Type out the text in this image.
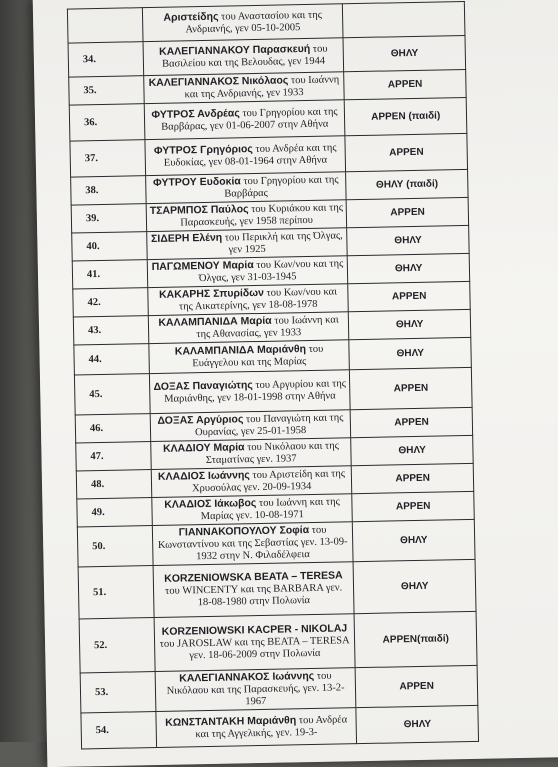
	Αριστείδης του Αναστασίου και της Ανδριανής, γεν 05-10-2005	
34.	ΚΑΛΕΓΙΑΝΝΑΚΟΥ Παρασκευή του Βασιλείου και της Βελουδας, γεν 1944	ΘΗΛΥ
35.	ΚΑΛΕΓΙΑΝΝΑΚΟΣ Νικόλαος του Ιωάννη και της Ανδριανής, γεν 1933	ΑΡΡΕΝ
36.	ΦΥΤΡΟΣ Ανδρέας του Γρηγορίου και της Βαρβάρας, γεν 01-06-2007 στην Αθήνα	ΑΡΡΕΝ (παιδί)
37.	ΦΥΤΡΟΣ Γρηγόριος του Ανδρέα και της Ευδοκίας, γεν 08-01-1964 στην Αθήνα	ΑΡΡΕΝ
38.	ΦΥΤΡΟΥ Ευδοκία του Γρηγορίου και της Βαρβάρας	ΘΗΛΥ (παιδί)
39.	ΤΣΑΡΜΠΟΣ Παύλος του Κυριάκου και της Παρασκευής, γεν 1958 περίπου	ΑΡΡΕΝ
40.	ΣΙΔΕΡΗ Ελένη του Περικλή και της Όλγας, γεν 1925	ΘΗΛΥ
41.	ΠΑΓΩΜΕΝΟΥ Μαρία του Κων/νου και της Όλγας, γεν 31-03-1945	ΘΗΛΥ
42.	ΚΑΚΑΡΗΣ Σπυρίδων του Κων/νου και της Αικατερίνης, γεν 18-08-1978	ΑΡΡΕΝ
43.	ΚΑΛΑΜΠΑΝΙΔΑ Μαρία του Ιωάννη και της Αθανασίας, γεν 1933	ΘΗΛΥ
44.	ΚΑΛΑΜΠΑΝΙΔΑ Μαριάνθη του Ευάγγελου και της Μαρίας	ΘΗΛΥ
45.	ΔΟΞΑΣ Παναγιώτης του Αργυρίου και της Μαριάνθης, γεν 18-01-1998 στην Αθήνα	ΑΡΡΕΝ
46.	ΔΟΞΑΣ Αργύριος του Παναγιώτη και της Ουρανίας, γεν 25-01-1958	ΑΡΡΕΝ
47.	ΚΛΑΔΙΟΥ Μαρία του Νικόλαου και της Σταματίνας γεν. 1937	ΘΗΛΥ
48.	ΚΛΑΔΙΟΣ Ιωάννης του Αριστείδη και της Χρυσούλας γεν. 20-09-1934	ΑΡΡΕΝ
49.	ΚΛΑΔΙΟΣ Ιάκωβος του Ιωάννη και της Μαρίας γεν. 10-08-1971	ΑΡΡΕΝ
50.	ΓΙΑΝΝΑΚΟΠΟΥΛΟΥ Σοφία του Κωνσταντίνου και της Σεβαστίας γεν. 13-09-1932 στην Ν. Φιλαδέλφεια	ΘΗΛΥ
51.	KORZENIOWSKA BEATA – TERESA του WINCENTY και της BARBARA γεν. 18-08-1980 στην Πολωνία	ΘΗΛΥ
52.	KORZENIOWSKI KACPER - NIKOLAJ του JAROSLAW και της BEATA – TERESA γεν. 18-06-2009 στην Πολωνία	ΑΡΡΕΝ(παιδί)
53.	ΚΑΛΕΓΙΑΝΝΑΚΟΣ Ιωάννης του Νικόλαου και της Παρασκευής, γεν. 13-2-1967	ΑΡΡΕΝ
54.	ΚΩΝΣΤΑΝΤΑΚΗ Μαριάνθη του Ανδρέα και της Αγγελικής, γεν. 19-3-	ΘΗΛΥ
